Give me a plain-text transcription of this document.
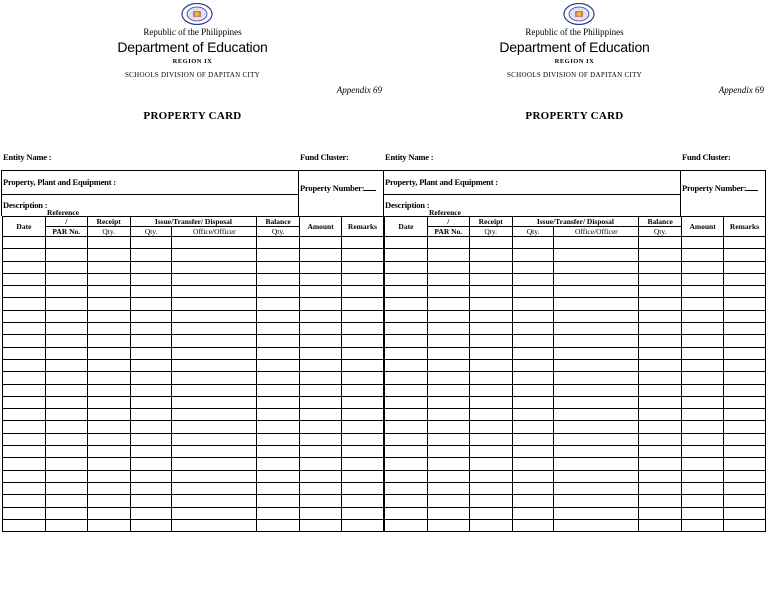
Republic of the Philippines
Department of Education
REGION IX
SCHOOLS DIVISION OF DAPITAN CITY
Appendix 69
PROPERTY CARD
Entity Name :	Fund Cluster:
Property, Plant and Equipment :
Property Number:
Description :
Reference
Date	/	Receipt	Issue/Transfer/ Disposal		Balance	Amount	Remarks
	PAR No.	Qty.	Qty.	Office/Officer	Qty.		

Republic of the Philippines
Department of Education
REGION IX
SCHOOLS DIVISION OF DAPITAN CITY
Appendix 69
PROPERTY CARD
Entity Name :	Fund Cluster:
Property, Plant and Equipment :
Property Number:
Description :
Reference
Date	/	Receipt	Issue/Transfer/ Disposal		Balance	Amount	Remarks
	PAR No.	Qty.	Qty.	Office/Officer	Qty.		
